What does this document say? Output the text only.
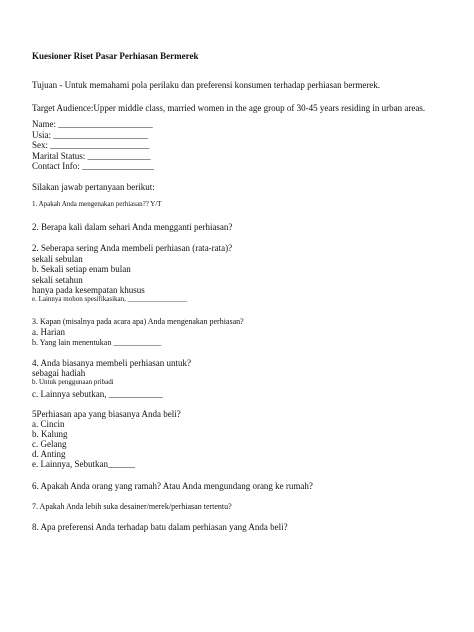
Kuesioner Riset Pasar Perhiasan Bermerek
Tujuan - Untuk memahami pola perilaku dan preferensi konsumen terhadap perhiasan bermerek.
Target Audience:Upper middle class, married women in the age group of 30-45 years residing in urban areas.
Name: _____________________
Usia: _____________________
Sex: ______________________
Marital Status: ______________
Contact Info: ________________
Silakan jawab pertanyaan berikut:
1. Apakah Anda mengenakan perhiasan?? Y/T
2. Berapa kali dalam sehari Anda mengganti perhiasan?
2. Seberapa sering Anda membeli perhiasan (rata-rata)?
sekali sebulan
b. Sekali setiap enam bulan
sekali setahun
hanya pada kesempatan khusus
e. Lainnya mohon spesifikasikan, _________________
3. Kapan (misalnya pada acara apa) Anda mengenakan perhiasan?
a. Harian
b. Yang lain menentukan ____________
4. Anda biasanya membeli perhiasan untuk?
sebagai hadiah
b. Untuk penggunaan pribadi
c. Lainnya sebutkan, ____________
5Perhiasan apa yang biasanya Anda beli?
a. Cincin
b. Kalung
c. Gelang
d. Anting
e. Lainnya, Sebutkan______
6. Apakah Anda orang yang ramah? Atau Anda mengundang orang ke rumah?
7. Apakah Anda lebih suka desainer/merek/perhiasan tertentu?
8. Apa preferensi Anda terhadap batu dalam perhiasan yang Anda beli?
